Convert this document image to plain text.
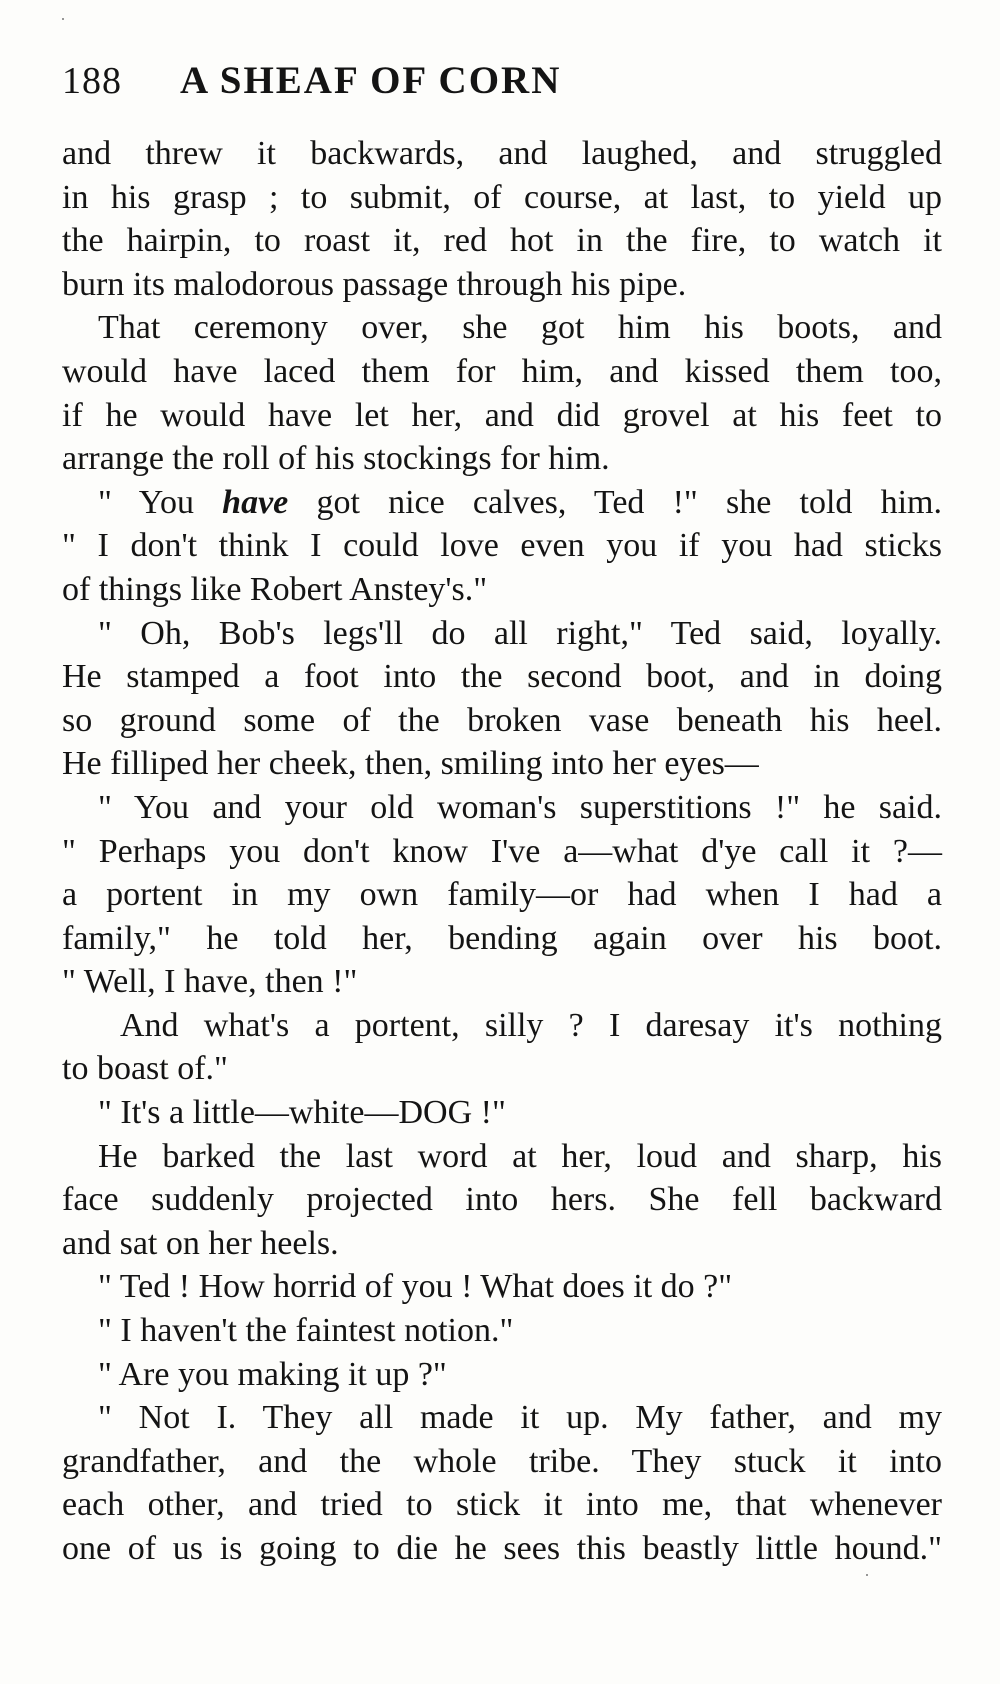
188 A SHEAF OF CORN
and threw it backwards, and laughed, and struggled
in his grasp ; to submit, of course, at last, to yield up
the hairpin, to roast it, red hot in the fire, to watch it
burn its malodorous passage through his pipe.
That ceremony over, she got him his boots, and
would have laced them for him, and kissed them too,
if he would have let her, and did grovel at his feet to
arrange the roll of his stockings for him.
" You have got nice calves, Ted !" she told him.
" I don't think I could love even you if you had sticks
of things like Robert Anstey's."
" Oh, Bob's legs'll do all right," Ted said, loyally.
He stamped a foot into the second boot, and in doing
so ground some of the broken vase beneath his heel.
He filliped her cheek, then, smiling into her eyes—
" You and your old woman's superstitions !" he said.
" Perhaps you don't know I've a—what d'ye call it ?—
a portent in my own family—or had when I had a
family," he told her, bending again over his boot.
" Well, I have, then !"
And what's a portent, silly ? I daresay it's nothing
to boast of."
" It's a little—white—DOG !"
He barked the last word at her, loud and sharp, his
face suddenly projected into hers. She fell backward
and sat on her heels.
" Ted ! How horrid of you ! What does it do ?"
" I haven't the faintest notion."
" Are you making it up ?"
" Not I. They all made it up. My father, and my
grandfather, and the whole tribe. They stuck it into
each other, and tried to stick it into me, that whenever
one of us is going to die he sees this beastly little hound."
